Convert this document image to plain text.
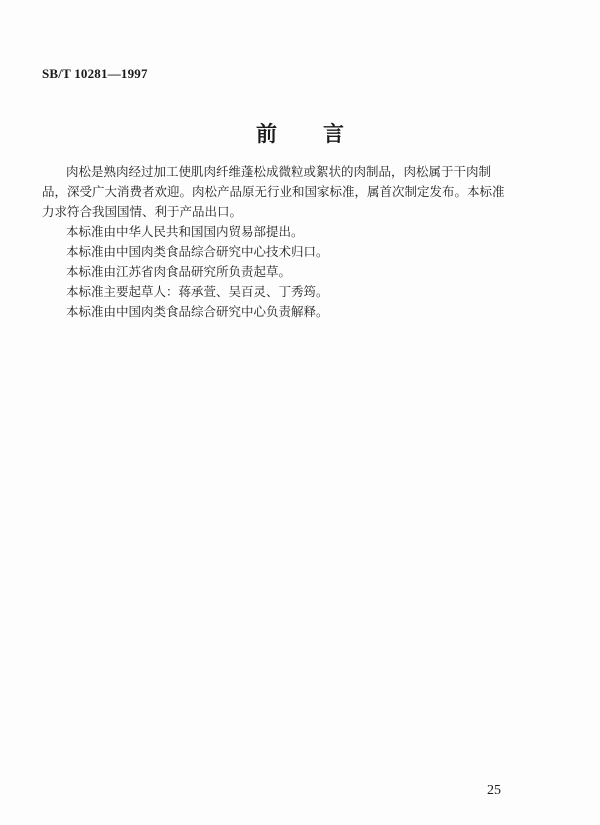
SB/T 10281—1997
前言

肉松是熟肉经过加工使肌肉纤维蓬松成微粒或絮状的肉制品，肉松属于干肉制品，深受广大消费者欢迎。肉松产品原无行业和国家标准，属首次制定发布。本标准力求符合我国国情、利于产品出口。

本标准由中华人民共和国国内贸易部提出。

本标准由中国肉类食品综合研究中心技术归口。

本标准由江苏省肉食品研究所负责起草。

本标准主要起草人：蒋承萱、吴百灵、丁秀筠。

本标准由中国肉类食品综合研究中心负责解释。

25
